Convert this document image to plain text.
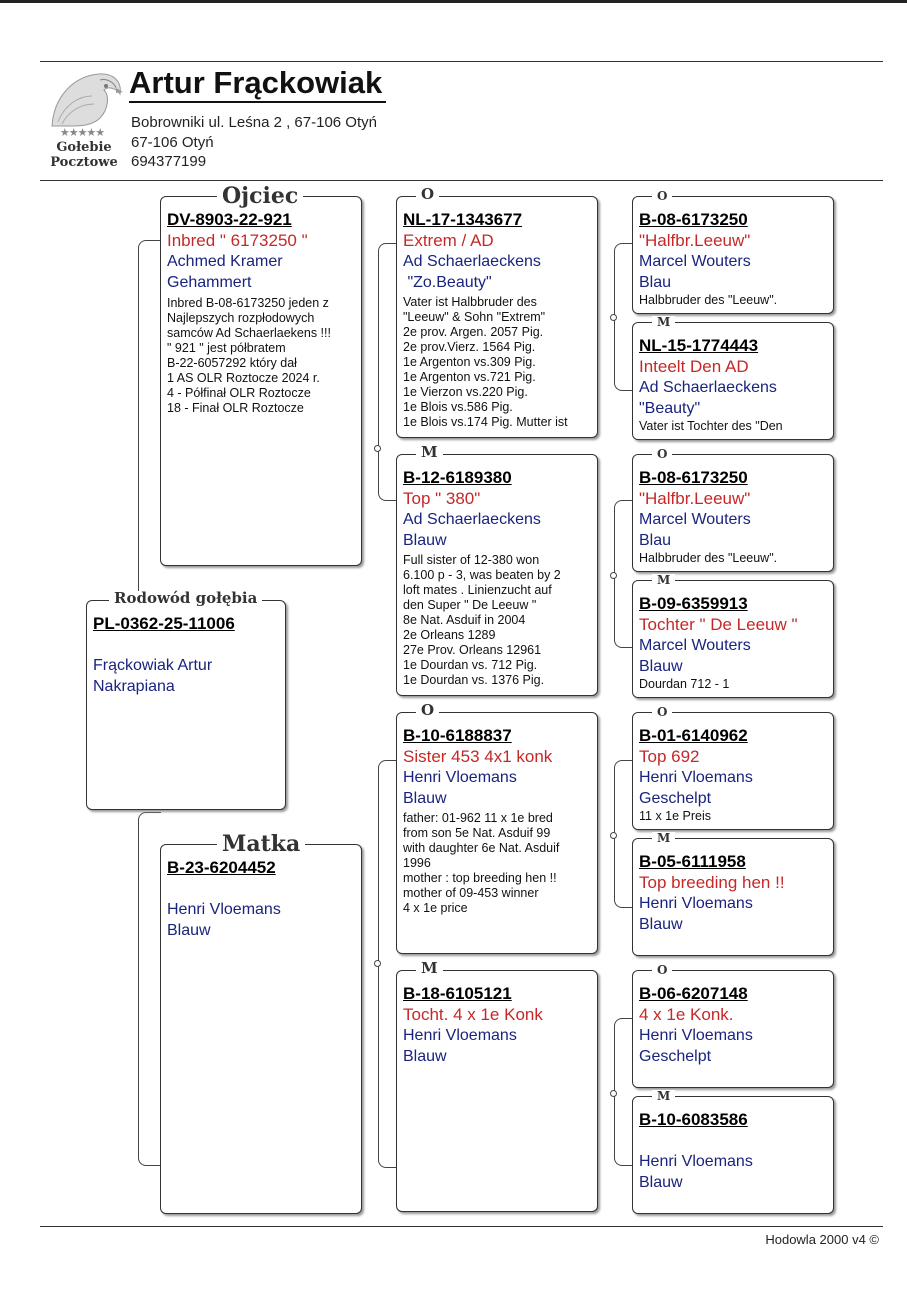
★★★★★
Gołebie
Pocztowe
Artur Frąckowiak
Bobrowniki ul. Leśna 2 , 67-106 Otyń
67-106 Otyń
694377199
PL-0362-25-11006
Frąckowiak Artur
Nakrapiana
Rodowód gołębia
DV-8903-22-921
Inbred " 6173250 "
Achmed Kramer
Gehammert
Inbred B-08-6173250 jeden z
Najlepszych rozpłodowych
samców Ad Schaerlaekens !!!
" 921 " jest półbratem
B-22-6057292 który dał
1 AS OLR Roztocze 2024 r.
4 - Półfinał OLR Roztocze
18 - Finał OLR Roztocze
Ojciec
B-23-6204452
Henri Vloemans
Blauw
Matka
NL-17-1343677
Extrem / AD
Ad Schaerlaeckens
"Zo.Beauty"
Vater ist Halbbruder des
"Leeuw" & Sohn "Extrem"
2e prov. Argen. 2057 Pig.
2e prov.Vierz. 1564 Pig.
1e Argenton vs.309 Pig.
1e Argenton vs.721 Pig.
1e Vierzon vs.220 Pig.
1e Blois vs.586 Pig.
1e Blois vs.174 Pig. Mutter ist
O
B-12-6189380
Top " 380"
Ad Schaerlaeckens
Blauw
Full sister of 12-380 won
6.100 p - 3, was beaten by 2
loft mates . Linienzucht auf
den Super " De Leeuw "
8e Nat. Asduif in 2004
2e Orleans 1289
27e Prov. Orleans 12961
1e Dourdan vs. 712 Pig.
1e Dourdan vs. 1376 Pig.
M
B-10-6188837
Sister 453 4x1 konk
Henri Vloemans
Blauw
father: 01-962 11 x 1e bred
from son 5e Nat. Asduif 99
with daughter 6e Nat. Asduif
1996
mother : top breeding hen !!
mother of 09-453 winner
4 x 1e price
O
B-18-6105121
Tocht. 4 x 1e Konk
Henri Vloemans
Blauw
M
B-08-6173250
"Halfbr.Leeuw"
Marcel Wouters
Blau
Halbbruder des "Leeuw".
O
NL-15-1774443
Inteelt Den AD
Ad Schaerlaeckens
"Beauty"
Vater ist Tochter des "Den
M
B-08-6173250
"Halfbr.Leeuw"
Marcel Wouters
Blau
Halbbruder des "Leeuw".
O
B-09-6359913
Tochter " De Leeuw "
Marcel Wouters
Blauw
Dourdan 712 - 1
M
B-01-6140962
Top 692
Henri Vloemans
Geschelpt
11 x 1e Preis
O
B-05-6111958
Top breeding hen !!
Henri Vloemans
Blauw
M
B-06-6207148
4 x 1e Konk.
Henri Vloemans
Geschelpt
O
B-10-6083586
Henri Vloemans
Blauw
M
Hodowla 2000 v4 ©
